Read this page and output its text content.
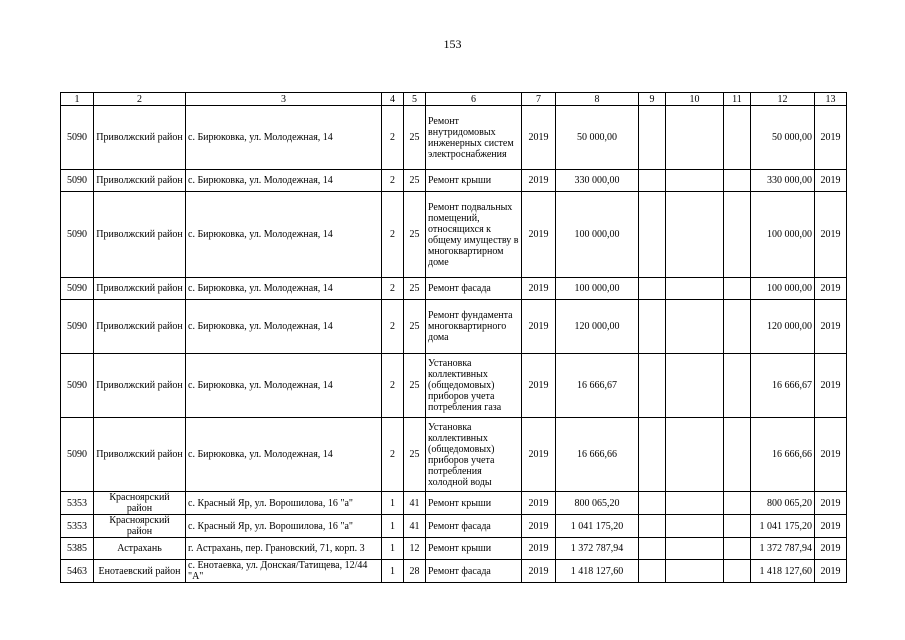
153
1	2	3	4	5	6	7	8	9	10	11	12	13
5090	Приволжский район	с. Бирюковка, ул. Молодежная, 14	2	25	Ремонт внутридомовых инженерных систем электроснабжения	2019	50 000,00				50 000,00	2019
5090	Приволжский район	с. Бирюковка, ул. Молодежная, 14	2	25	Ремонт крыши	2019	330 000,00				330 000,00	2019
5090	Приволжский район	с. Бирюковка, ул. Молодежная, 14	2	25	Ремонт подвальных помещений, относящихся к общему имуществу в многоквартирном доме	2019	100 000,00				100 000,00	2019
5090	Приволжский район	с. Бирюковка, ул. Молодежная, 14	2	25	Ремонт фасада	2019	100 000,00				100 000,00	2019
5090	Приволжский район	с. Бирюковка, ул. Молодежная, 14	2	25	Ремонт фундамента многоквартирного дома	2019	120 000,00				120 000,00	2019
5090	Приволжский район	с. Бирюковка, ул. Молодежная, 14	2	25	Установка коллективных (общедомовых) приборов учета потребления газа	2019	16 666,67				16 666,67	2019
5090	Приволжский район	с. Бирюковка, ул. Молодежная, 14	2	25	Установка коллективных (общедомовых) приборов учета потребления холодной воды	2019	16 666,66				16 666,66	2019
5353	Красноярский район	с. Красный Яр, ул. Ворошилова, 16 "а"	1	41	Ремонт крыши	2019	800 065,20				800 065,20	2019
5353	Красноярский район	с. Красный Яр, ул. Ворошилова, 16 "а"	1	41	Ремонт фасада	2019	1 041 175,20				1 041 175,20	2019
5385	Астрахань	г. Астрахань, пер. Грановский, 71, корп. 3	1	12	Ремонт крыши	2019	1 372 787,94				1 372 787,94	2019
5463	Енотаевский район	с. Енотаевка, ул. Донская/Татищева, 12/44 "А"	1	28	Ремонт фасада	2019	1 418 127,60				1 418 127,60	2019
